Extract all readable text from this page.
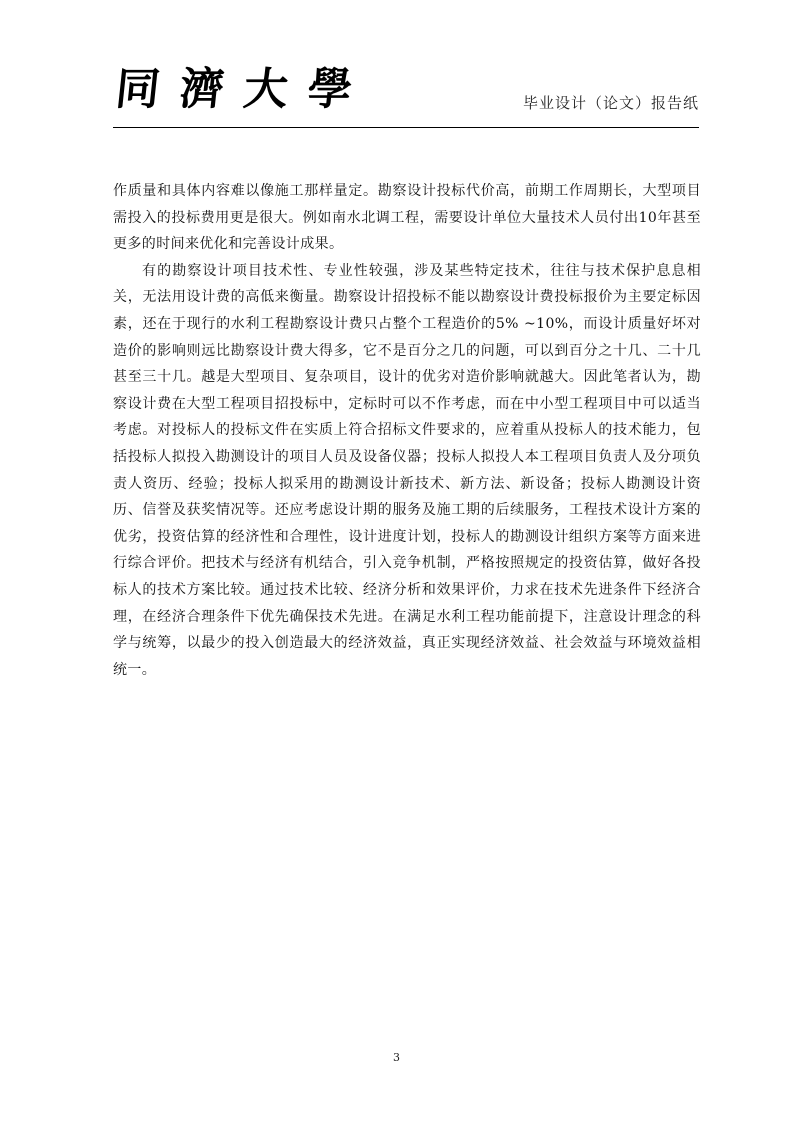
同濟大學	毕业设计（论文）报告纸

作质量和具体内容难以像施工那样量定。勘察设计投标代价高，前期工作周期长，大型项目需投入的投标费用更是很大。例如南水北调工程，需要设计单位大量技术人员付出10年甚至更多的时间来优化和完善设计成果。

有的勘察设计项目技术性、专业性较强，涉及某些特定技术，往往与技术保护息息相关，无法用设计费的高低来衡量。勘察设计招投标不能以勘察设计费投标报价为主要定标因素，还在于现行的水利工程勘察设计费只占整个工程造价的5% ~10%，而设计质量好坏对造价的影响则远比勘察设计费大得多，它不是百分之几的问题，可以到百分之十几、二十几甚至三十几。越是大型项目、复杂项目，设计的优劣对造价影响就越大。因此笔者认为，勘察设计费在大型工程项目招投标中，定标时可以不作考虑，而在中小型工程项目中可以适当考虑。对投标人的投标文件在实质上符合招标文件要求的，应着重从投标人的技术能力，包括投标人拟投入勘测设计的项目人员及设备仪器；投标人拟投人本工程项目负责人及分项负责人资历、经验；投标人拟采用的勘测设计新技术、新方法、新设备；投标人勘测设计资历、信誉及获奖情况等。还应考虑设计期的服务及施工期的后续服务，工程技术设计方案的优劣，投资估算的经济性和合理性，设计进度计划，投标人的勘测设计组织方案等方面来进行综合评价。把技术与经济有机结合，引入竞争机制，严格按照规定的投资估算，做好各投标人的技术方案比较。通过技术比较、经济分析和效果评价，力求在技术先进条件下经济合理，在经济合理条件下优先确保技术先进。在满足水利工程功能前提下，注意设计理念的科学与统筹，以最少的投入创造最大的经济效益，真正实现经济效益、社会效益与环境效益相统一。

3
